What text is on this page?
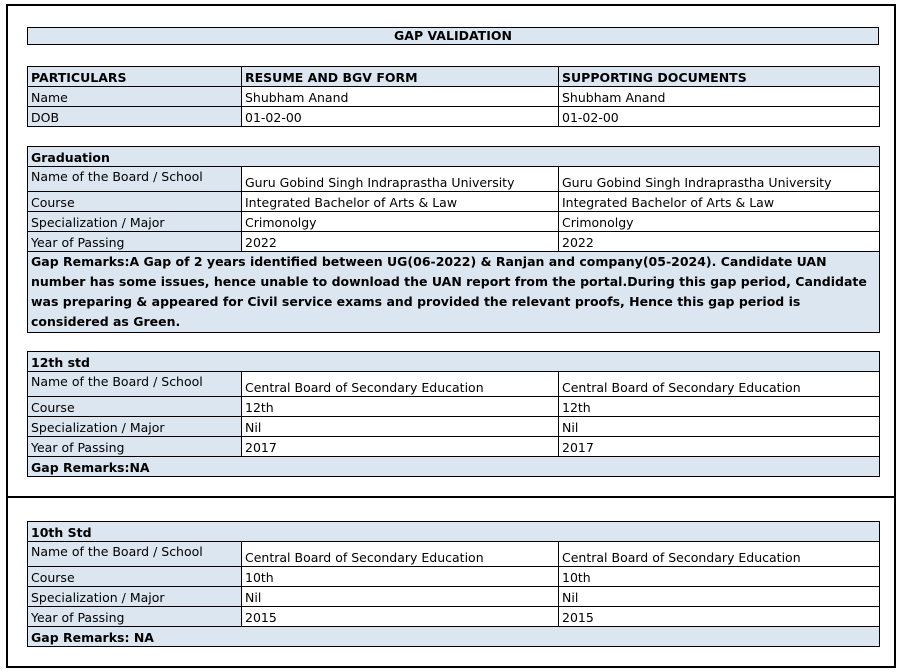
GAP VALIDATION
PARTICULARS	RESUME AND BGV FORM	SUPPORTING DOCUMENTS
Name	Shubham Anand	Shubham Anand
DOB	01-02-00	01-02-00
Graduation		
Name of the Board / School	Guru Gobind Singh Indraprastha University	Guru Gobind Singh Indraprastha University
Course	Integrated Bachelor of Arts & Law	Integrated Bachelor of Arts & Law
Specialization / Major	Crimonolgy	Crimonolgy
Year of Passing	2022	2022
Gap Remarks:A Gap of 2 years identified between UG(06-2022) & Ranjan and company(05-2024). Candidate UAN number has some issues, hence unable to download the UAN report from the portal.During this gap period, Candidate was preparing & appeared for Civil service exams and provided the relevant proofs, Hence this gap period is considered as Green.		
12th std		
Name of the Board / School	Central Board of Secondary Education	Central Board of Secondary Education
Course	12th	12th
Specialization / Major	Nil	Nil
Year of Passing	2017	2017
Gap Remarks:NA		
10th Std		
Name of the Board / School	Central Board of Secondary Education	Central Board of Secondary Education
Course	10th	10th
Specialization / Major	Nil	Nil
Year of Passing	2015	2015
Gap Remarks: NA		
